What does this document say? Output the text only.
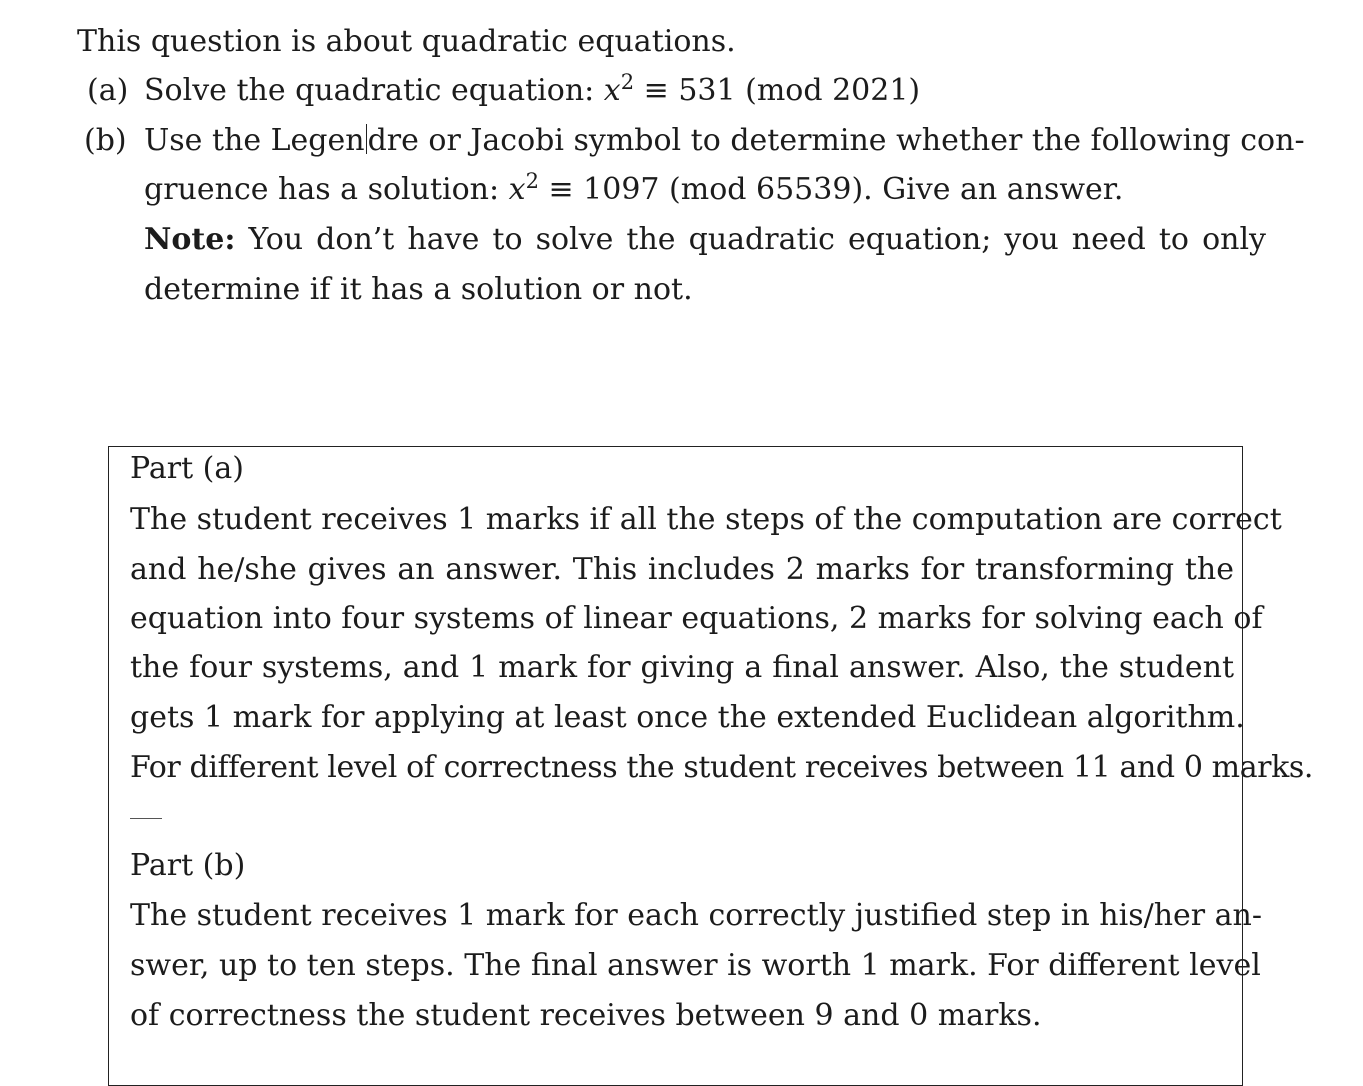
This question is about quadratic equations.
(a) Solve the quadratic equation: $x^2 \equiv 531$ (mod 2021)
(b) Use the Legen dre or Jacobi symbol to determine whether the following con-
gruence has a solution: $x^2 \equiv 1097$ (mod 65539). Give an answer.
Note: You don’t have to solve the quadratic equation; you need to only
determine if it has a solution or not.
Part (a)
The student receives 1 marks if all the steps of the computation are correct
and he/she gives an answer. This includes 2 marks for transforming the
equation into four systems of linear equations, 2 marks for solving each of
the four systems, and 1 mark for giving a final answer. Also, the student
gets 1 mark for applying at least once the extended Euclidean algorithm.
For different level of correctness the student receives between 11 and 0 marks.
Part (b)
The student receives 1 mark for each correctly justified step in his/her an-
swer, up to ten steps. The final answer is worth 1 mark. For different level
of correctness the student receives between 9 and 0 marks.
